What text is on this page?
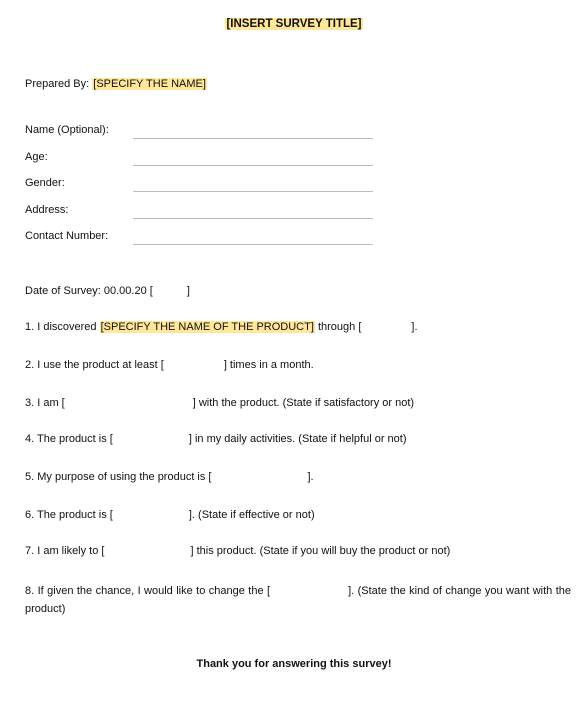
[INSERT SURVEY TITLE]
Prepared By: [SPECIFY THE NAME]
Name (Optional):
Age:
Gender:
Address:
Contact Number:
Date of Survey: 00.00.20 [	]
1. I discovered [SPECIFY THE NAME OF THE PRODUCT] through [	].
2. I use the product at least [	] times in a month.
3. I am [	] with the product. (State if satisfactory or not)
4. The product is [	] in my daily activities. (State if helpful or not)
5. My purpose of using the product is [	].
6. The product is [	]. (State if effective or not)
7. I am likely to [	] this product. (State if you will buy the product or not)
8. If given the chance, I would like to change the [	]. (State the kind of change you want with the product)
Thank you for answering this survey!
